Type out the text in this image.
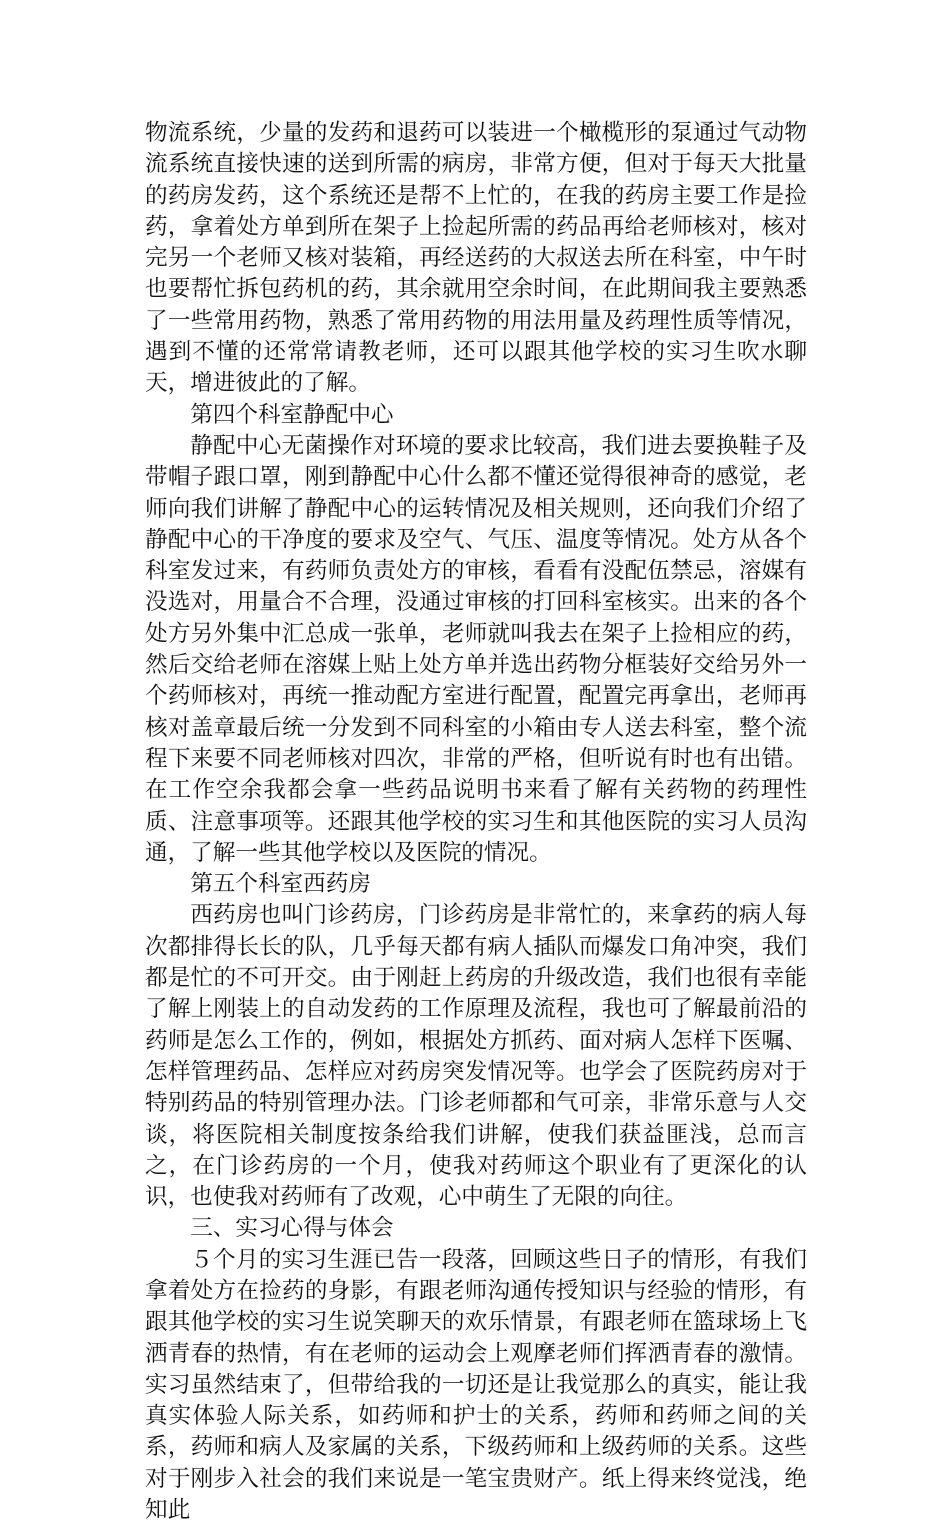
物流系统，少量的发药和退药可以装进一个橄榄形的泵通过气动物流系统直接快速的送到所需的病房，非常方便，但对于每天大批量的药房发药，这个系统还是帮不上忙的，在我的药房主要工作是捡药，拿着处方单到所在架子上捡起所需的药品再给老师核对，核对完另一个老师又核对装箱，再经送药的大叔送去所在科室，中午时也要帮忙拆包药机的药，其余就用空余时间，在此期间我主要熟悉了一些常用药物，熟悉了常用药物的用法用量及药理性质等情况，遇到不懂的还常常请教老师，还可以跟其他学校的实习生吹水聊天，增进彼此的了解。

第四个科室静配中心

静配中心无菌操作对环境的要求比较高，我们进去要换鞋子及带帽子跟口罩，刚到静配中心什么都不懂还觉得很神奇的感觉，老师向我们讲解了静配中心的运转情况及相关规则，还向我们介绍了静配中心的干净度的要求及空气、气压、温度等情况。处方从各个科室发过来，有药师负责处方的审核，看看有没配伍禁忌，溶媒有没选对，用量合不合理，没通过审核的打回科室核实。出来的各个处方另外集中汇总成一张单，老师就叫我去在架子上捡相应的药，然后交给老师在溶媒上贴上处方单并选出药物分框装好交给另外一个药师核对，再统一推动配方室进行配置，配置完再拿出，老师再核对盖章最后统一分发到不同科室的小箱由专人送去科室，整个流程下来要不同老师核对四次，非常的严格，但听说有时也有出错。在工作空余我都会拿一些药品说明书来看了解有关药物的药理性质、注意事项等。还跟其他学校的实习生和其他医院的实习人员沟通，了解一些其他学校以及医院的情况。

第五个科室西药房

西药房也叫门诊药房，门诊药房是非常忙的，来拿药的病人每次都排得长长的队，几乎每天都有病人插队而爆发口角冲突，我们都是忙的不可开交。由于刚赶上药房的升级改造，我们也很有幸能了解上刚装上的自动发药的工作原理及流程，我也可了解最前沿的药师是怎么工作的，例如，根据处方抓药、面对病人怎样下医嘱、怎样管理药品、怎样应对药房突发情况等。也学会了医院药房对于特别药品的特别管理办法。门诊老师都和气可亲，非常乐意与人交谈，将医院相关制度按条给我们讲解，使我们获益匪浅，总而言之，在门诊药房的一个月，使我对药师这个职业有了更深化的认识，也使我对药师有了改观，心中萌生了无限的向往。

三、实习心得与体会

５个月的实习生涯已告一段落，回顾这些日子的情形，有我们拿着处方在捡药的身影，有跟老师沟通传授知识与经验的情形，有跟其他学校的实习生说笑聊天的欢乐情景，有跟老师在篮球场上飞洒青春的热情，有在老师的运动会上观摩老师们挥洒青春的激情。实习虽然结束了，但带给我的一切还是让我觉那么的真实，能让我真实体验人际关系，如药师和护士的关系，药师和药师之间的关系，药师和病人及家属的关系，下级药师和上级药师的关系。这些对于刚步入社会的我们来说是一笔宝贵财产。纸上得来终觉浅，绝知此
